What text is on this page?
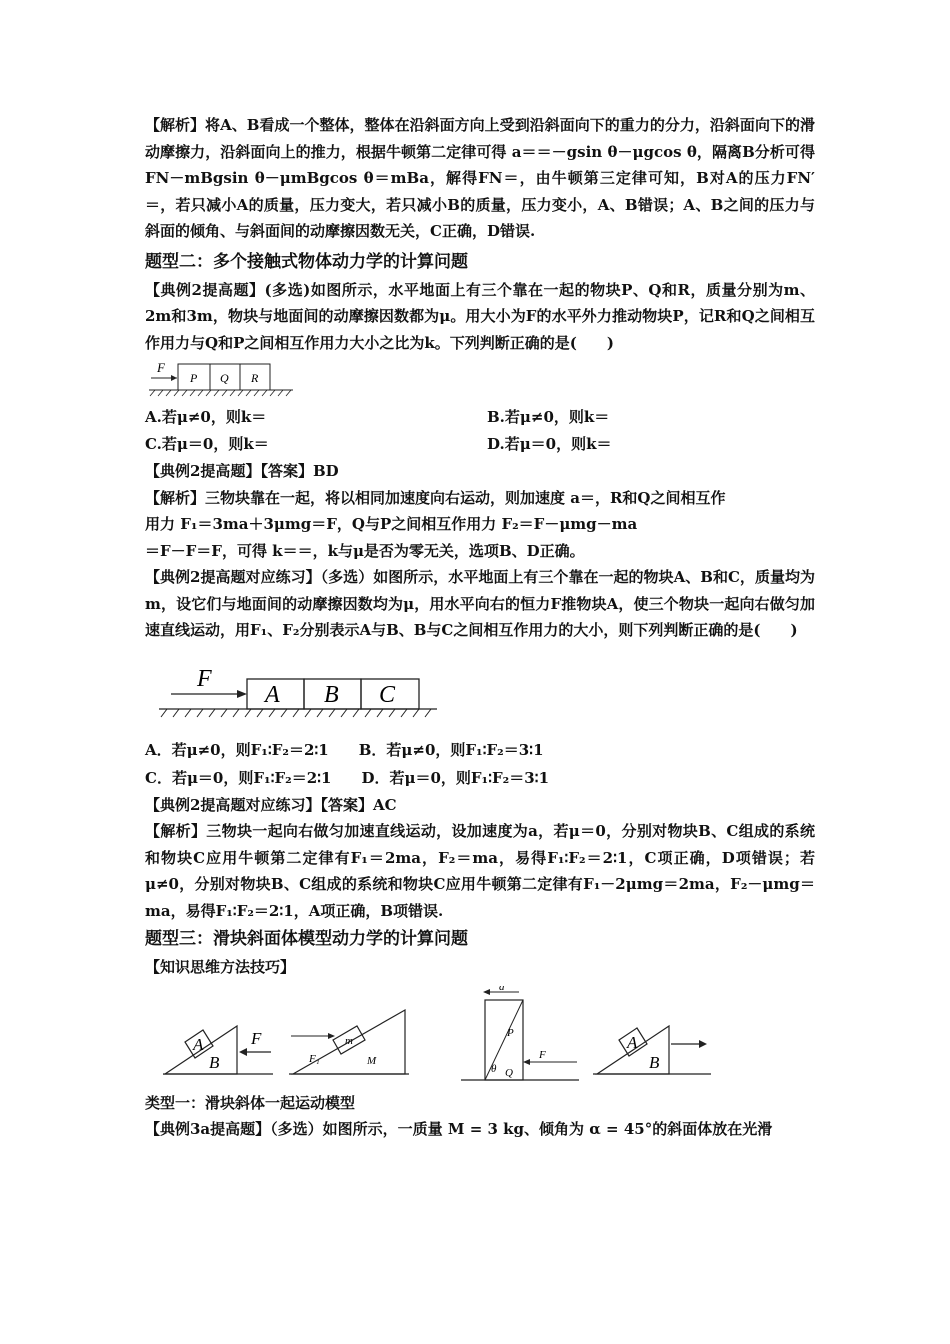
【解析】将A、B看成一个整体，整体在沿斜面方向上受到沿斜面向下的重力的分力，沿斜面向下的滑动摩擦力，沿斜面向上的推力，根据牛顿第二定律可得 a＝＝－gsin θ－μgcos θ，隔离B分析可得FN－mBgsin θ－μmBgcos θ＝mBa，解得FN＝，由牛顿第三定律可知，B对A的压力FN′＝，若只减小A的质量，压力变大，若只减小B的质量，压力变小，A、B错误；A、B之间的压力与斜面的倾角、与斜面间的动摩擦因数无关，C正确，D错误.

题型二：多个接触式物体动力学的计算问题

【典例2提高题】(多选)如图所示，水平地面上有三个靠在一起的物块P、Q和R，质量分别为m、2m和3m，物块与地面间的动摩擦因数都为μ。用大小为F的水平外力推动物块P，记R和Q之间相互作用力与Q和P之间相互作用力大小之比为k。下列判断正确的是(　　)

F
P Q R
A.若μ≠0，则k＝	B.若μ≠0，则k＝
C.若μ＝0，则k＝	D.若μ＝0，则k＝

【典例2提高题】【答案】BD

【解析】三物块靠在一起，将以相同加速度向右运动，则加速度 a＝，R和Q之间相互作

用力 F₁＝3ma＋3μmg＝F，Q与P之间相互作用力 F₂＝F－μmg－ma

＝F－F＝F，可得 k＝＝，k与μ是否为零无关，选项B、D正确。

【典例2提高题对应练习】（多选）如图所示，水平地面上有三个靠在一起的物块A、B和C，质量均为m，设它们与地面间的动摩擦因数均为μ，用水平向右的恒力F推物块A，使三个物块一起向右做匀加速直线运动，用F₁、F₂分别表示A与B、B与C之间相互作用力的大小，则下列判断正确的是(　　)

F
A B C
A．若μ≠0，则F₁∶F₂＝2∶1　　B．若μ≠0，则F₁∶F₂＝3∶1
C．若μ＝0，则F₁∶F₂＝2∶1　　D．若μ＝0，则F₁∶F₂＝3∶1

【典例2提高题对应练习】【答案】AC

【解析】三物块一起向右做匀加速直线运动，设加速度为a，若μ＝0，分别对物块B、C组成的系统和物块C应用牛顿第二定律有F₁＝2ma，F₂＝ma，易得F₁∶F₂＝2∶1，C项正确，D项错误；若μ≠0，分别对物块B、C组成的系统和物块C应用牛顿第二定律有F₁－2μmg＝2ma，F₂－μmg＝ma，易得F₁∶F₂＝2∶1，A项正确，B项错误.

题型三：滑块斜面体模型动力学的计算问题
【知识思维方法技巧】
A
B
F	m
M
F₁
a
P
θ Q
F
A
B
类型一：滑块斜体一起运动模型

【典例3a提高题】（多选）如图所示，一质量 M = 3 kg、倾角为 α = 45°的斜面体放在光滑
